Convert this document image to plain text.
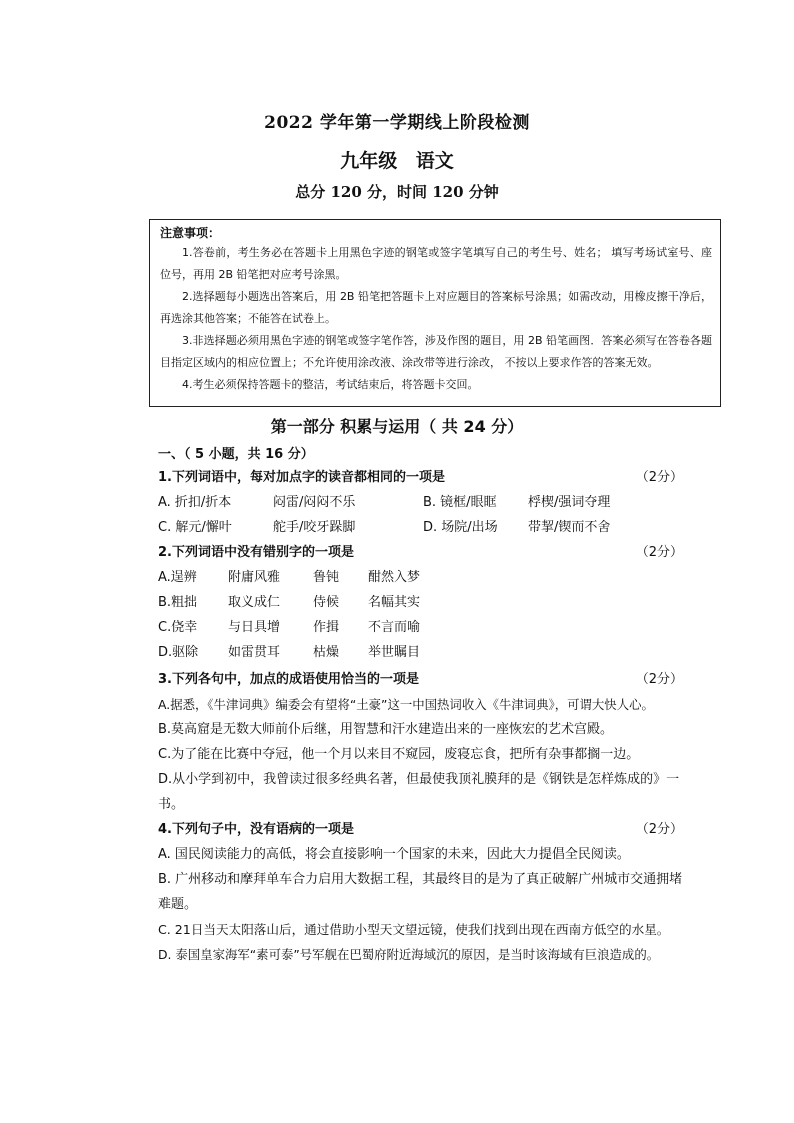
2022 学年第一学期线上阶段检测
九年级 语文
总分 120 分，时间 120 分钟
注意事项：

1.答卷前，考生务必在答题卡上用黑色字迹的钢笔或签字笔填写自己的考生号、姓名； 填写考场试室号、座位号，再用 2B 铅笔把对应考号涂黑。

2.选择题每小题选出答案后，用 2B 铅笔把答题卡上对应题目的答案标号涂黑；如需改动，用橡皮擦干净后，再选涂其他答案；不能答在试卷上。

3.非选择题必须用黑色字迹的钢笔或签字笔作答，涉及作图的题目，用 2B 铅笔画图．答案必须写在答卷各题目指定区域内的相应位置上；不允许使用涂改液、涂改带等进行涂改， 不按以上要求作答的答案无效。

4.考生必须保持答题卡的整洁，考试结束后，将答题卡交回。

第一部分 积累与运用（ 共 24 分）
一、（ 5 小题，共 16 分）
1.下列词语中，每对加点字的读音都相同的一项是	（2分）
A. 折扣/折本	闷雷/闷闷不乐	B. 镜框/眼眶	桴楔/强词夺理
C. 解元/懈叶	舵手/咬牙跺脚	D. 场院/出场	带挈/锲而不舍
2.下列词语中没有错别字的一项是	（2分）
A.逞辨	附庸风雅	鲁钝	酣然入梦
B.粗拙	取义成仁	侍候	名幅其实
C.侥幸	与日具增	作揖	不言而喻
D.驱除	如雷贯耳	枯燥	举世瞩目
3.下列各句中，加点的成语使用恰当的一项是	（2分）
A.据悉，《牛津词典》编委会有望将“土豪”这一中国热词收入《牛津词典》，可谓大快人心。
B.莫高窟是无数大师前仆后继，用智慧和汗水建造出来的一座恢宏的艺术宫殿。
C.为了能在比赛中夺冠，他一个月以来目不窥园，废寝忘食，把所有杂事都搁一边。
D.从小学到初中，我曾读过很多经典名著，但最使我顶礼膜拜的是《钢铁是怎样炼成的》一
书。
4.下列句子中，没有语病的一项是	（2分）
A. 国民阅读能力的高低，将会直接影响一个国家的未来，因此大力提倡全民阅读。
B. 广州移动和摩拜单车合力启用大数据工程，其最终目的是为了真正破解广州城市交通拥堵
难题。
C. 21日当天太阳落山后，通过借助小型天文望远镜，使我们找到出现在西南方低空的水星。
D. 泰国皇家海军“素可泰”号军舰在巴蜀府附近海域沉的原因，是当时该海域有巨浪造成的。
